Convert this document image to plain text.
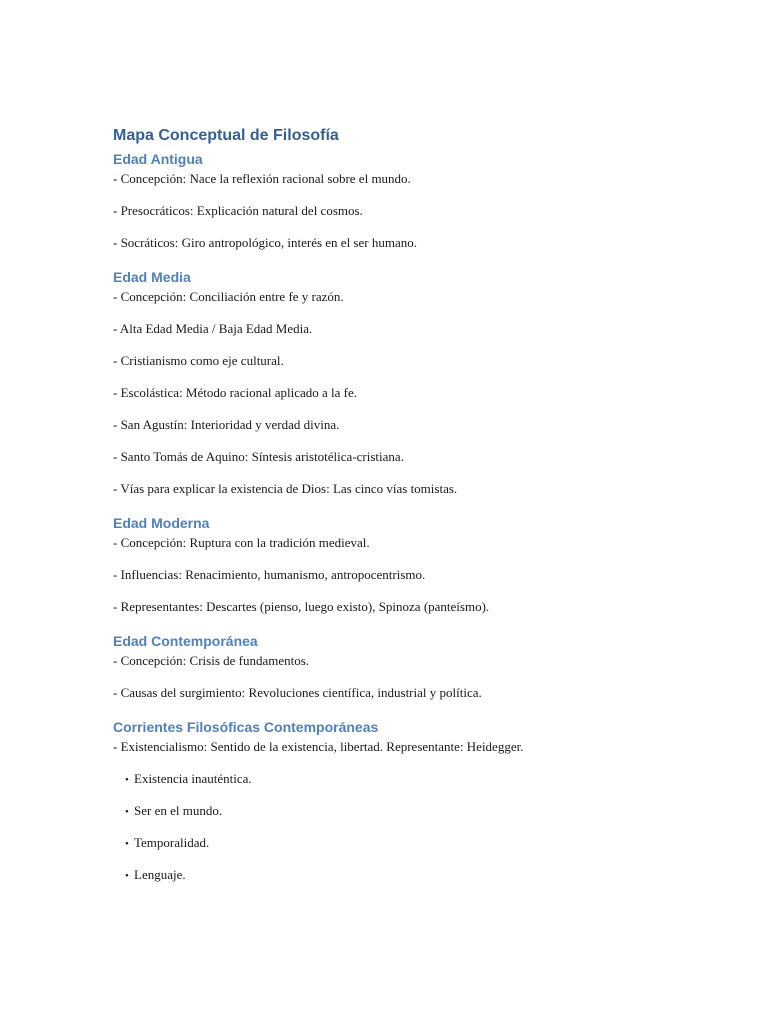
Mapa Conceptual de Filosofía
Edad Antigua
- Concepción: Nace la reflexión racional sobre el mundo.
- Presocráticos: Explicación natural del cosmos.
- Socráticos: Giro antropológico, interés en el ser humano.
Edad Media
- Concepción: Conciliación entre fe y razón.
- Alta Edad Media / Baja Edad Media.
- Cristianismo como eje cultural.
- Escolástica: Método racional aplicado a la fe.
- San Agustín: Interioridad y verdad divina.
- Santo Tomás de Aquino: Síntesis aristotélica-cristiana.
- Vías para explicar la existencia de Dios: Las cinco vías tomistas.
Edad Moderna
- Concepción: Ruptura con la tradición medieval.
- Influencias: Renacimiento, humanismo, antropocentrismo.
- Representantes: Descartes (pienso, luego existo), Spinoza (panteísmo).
Edad Contemporánea
- Concepción: Crisis de fundamentos.
- Causas del surgimiento: Revoluciones científica, industrial y política.
Corrientes Filosóficas Contemporáneas
- Existencialismo: Sentido de la existencia, libertad. Representante: Heidegger.
• Existencia inauténtica.
• Ser en el mundo.
• Temporalidad.
• Lenguaje.
